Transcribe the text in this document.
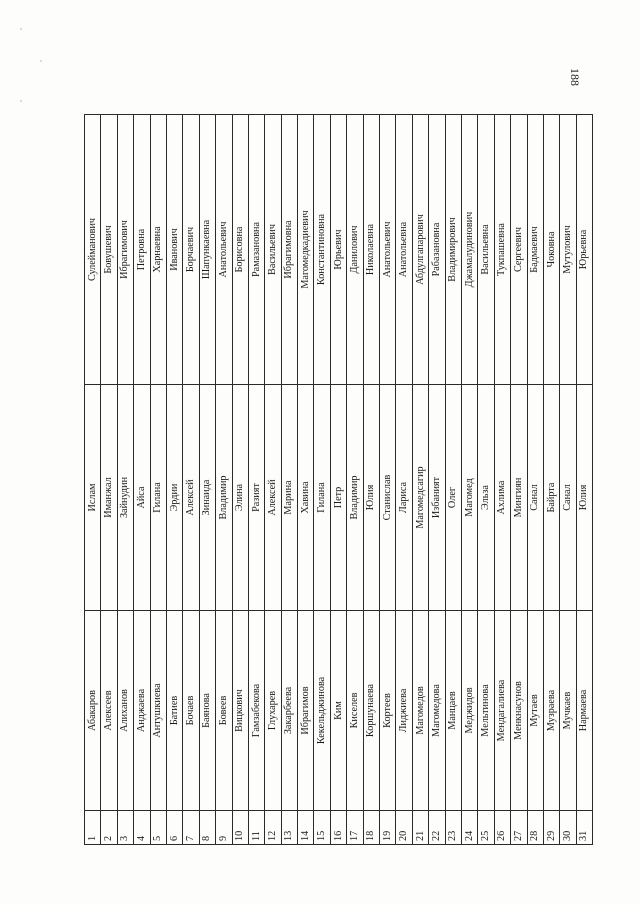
188
1	Абакаров	Ислам	Сулейманович
2	Алексеев	Иманжал	Бовушевич
3	Алиханов	Зайнудин	Ибрагимович
4	Анджаева	Айса	Петровна
5	Антушкиева	Гилана	Харнаевна
6	Батиев	Эрдии	Иванович
7	Бочаев	Алексей	Борчаевич
8	Баянова	Зинаида	Шапункаевна
9	Бовеев	Владимир	Анатольевич
10	Вицкович	Элина	Борисовна
11	Гамзабекова	Разият	Рамазановна
12	Глухарев	Алексей	Васильевич
13	Закарбеева	Марина	Ибрагимовна
14	Ибрагимов	Хавина	Магомедкадиевич
15	Кекельджинова	Гилана	Константиновна
16	Ким	Петр	Юрьевич
17	Киселев	Владимир	Данилович
18	Коршунаева	Юлия	Николаевна
19	Кортеев	Станислав	Анатольевич
20	Лиджиева	Лариса	Анатольевна
21	Магомедов	Магомедсагир	Абдулгапарович
22	Магомедова	Избаният	Рабазановна
23	Манцаев	Олег	Владимирович
24	Меджидов	Магомед	Джамалудинович
25	Мельтинова	Эльза	Васильевна
26	Мендагалиева	Ахлима	Тукпашевна
27	Менкнасунов	Мингиян	Сергеевич
28	Мутаев	Санал	Бадмаевич
29	Музраева	Байрта	Чоковна
30	Мучкаев	Санал	Мутулович
31	Нармаева	Юлия	Юрьевна
